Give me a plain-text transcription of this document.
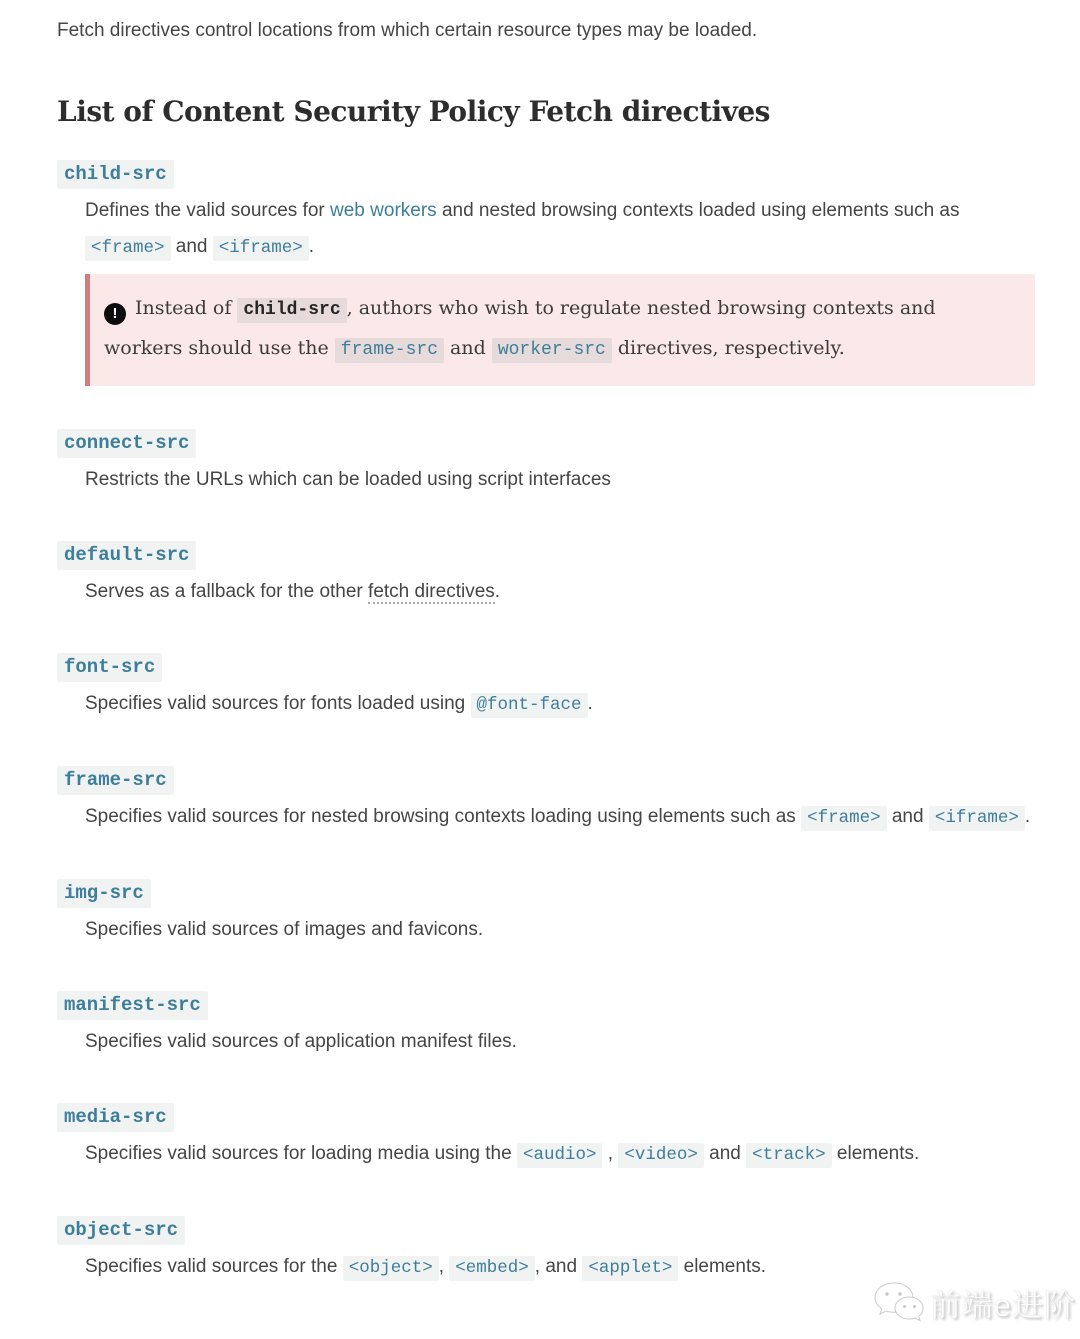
Fetch directives control locations from which certain resource types may be loaded.

List of Content Security Policy Fetch directives
child-src

Defines the valid sources for web workers and nested browsing contexts loaded using elements such as <frame> and <iframe> .

! Instead of child-src , authors who wish to regulate nested browsing contexts and workers should use the frame-src and worker-src directives, respectively.
connect-src

Restricts the URLs which can be loaded using script interfaces

default-src

Serves as a fallback for the other fetch directives.

font-src

Specifies valid sources for fonts loaded using @font-face .

frame-src

Specifies valid sources for nested browsing contexts loading using elements such as <frame> and <iframe> .

img-src

Specifies valid sources of images and favicons.

manifest-src

Specifies valid sources of application manifest files.

media-src

Specifies valid sources for loading media using the <audio> , <video> and <track> elements.

object-src

Specifies valid sources for the <object> , <embed> , and <applet> elements.

前端e进阶
